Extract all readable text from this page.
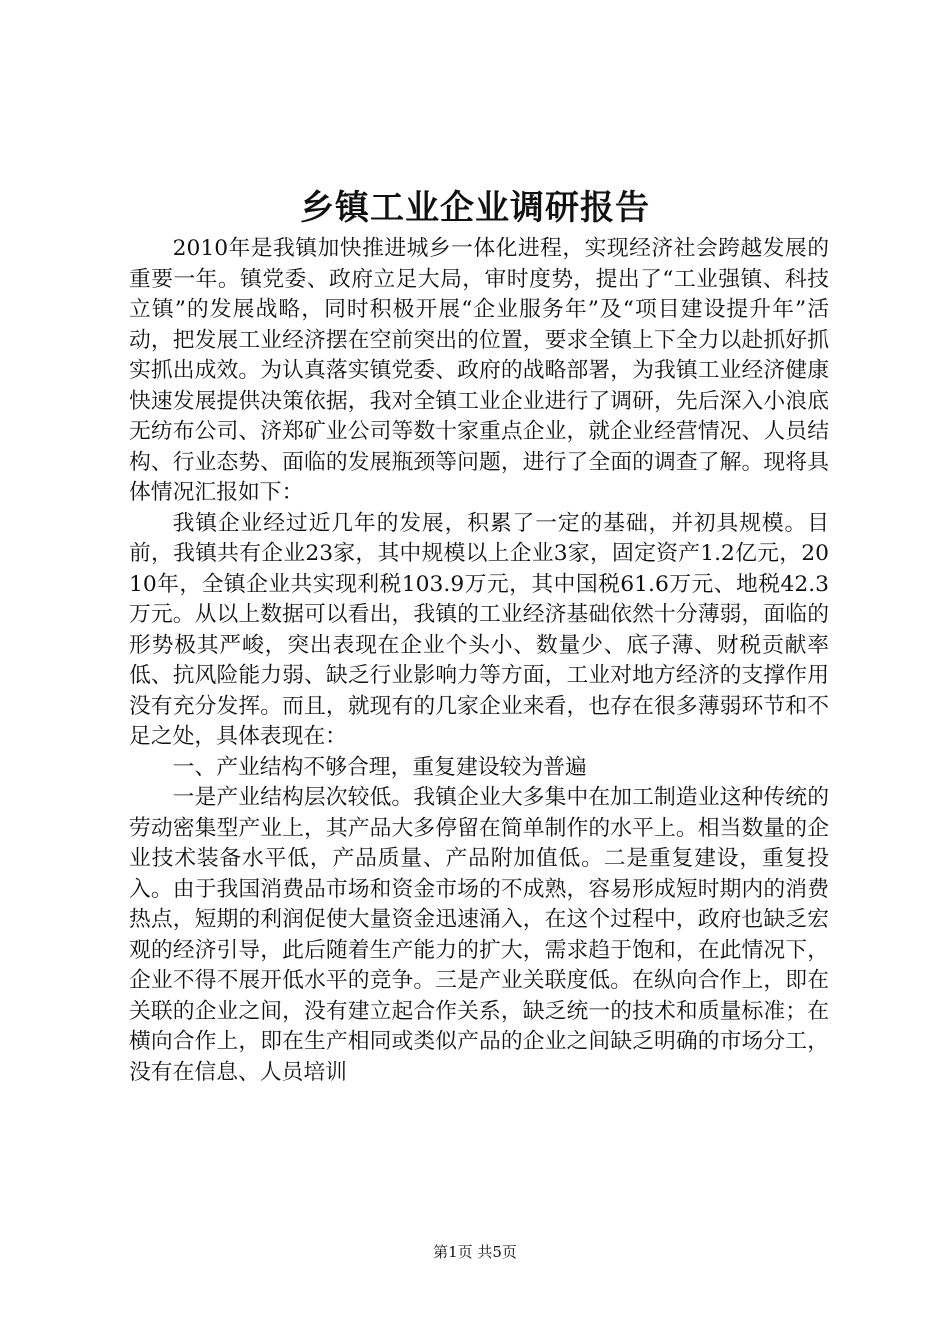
乡镇工业企业调研报告

2010年是我镇加快推进城乡一体化进程，实现经济社会跨越发展的重要一年。镇党委、政府立足大局，审时度势，提出了“工业强镇、科技立镇”的发展战略，同时积极开展“企业服务年”及“项目建设提升年”活动，把发展工业经济摆在空前突出的位置，要求全镇上下全力以赴抓好抓实抓出成效。为认真落实镇党委、政府的战略部署，为我镇工业经济健康快速发展提供决策依据，我对全镇工业企业进行了调研，先后深入小浪底无纺布公司、济郑矿业公司等数十家重点企业，就企业经营情况、人员结构、行业态势、面临的发展瓶颈等问题，进行了全面的调查了解。现将具体情况汇报如下：

我镇企业经过近几年的发展，积累了一定的基础，并初具规模。目前，我镇共有企业23家，其中规模以上企业3家，固定资产1.2亿元，2010年，全镇企业共实现利税103.9万元，其中国税61.6万元、地税42.3万元。从以上数据可以看出，我镇的工业经济基础依然十分薄弱，面临的形势极其严峻，突出表现在企业个头小、数量少、底子薄、财税贡献率低、抗风险能力弱、缺乏行业影响力等方面，工业对地方经济的支撑作用没有充分发挥。而且，就现有的几家企业来看，也存在很多薄弱环节和不足之处，具体表现在：

一、产业结构不够合理，重复建设较为普遍

一是产业结构层次较低。我镇企业大多集中在加工制造业这种传统的劳动密集型产业上，其产品大多停留在简单制作的水平上。相当数量的企业技术装备水平低，产品质量、产品附加值低。二是重复建设，重复投入。由于我国消费品市场和资金市场的不成熟，容易形成短时期内的消费热点，短期的利润促使大量资金迅速涌入，在这个过程中，政府也缺乏宏观的经济引导，此后随着生产能力的扩大，需求趋于饱和，在此情况下，企业不得不展开低水平的竞争。三是产业关联度低。在纵向合作上，即在关联的企业之间，没有建立起合作关系，缺乏统一的技术和质量标准；在横向合作上，即在生产相同或类似产品的企业之间缺乏明确的市场分工，没有在信息、人员培训

第1页 共5页
